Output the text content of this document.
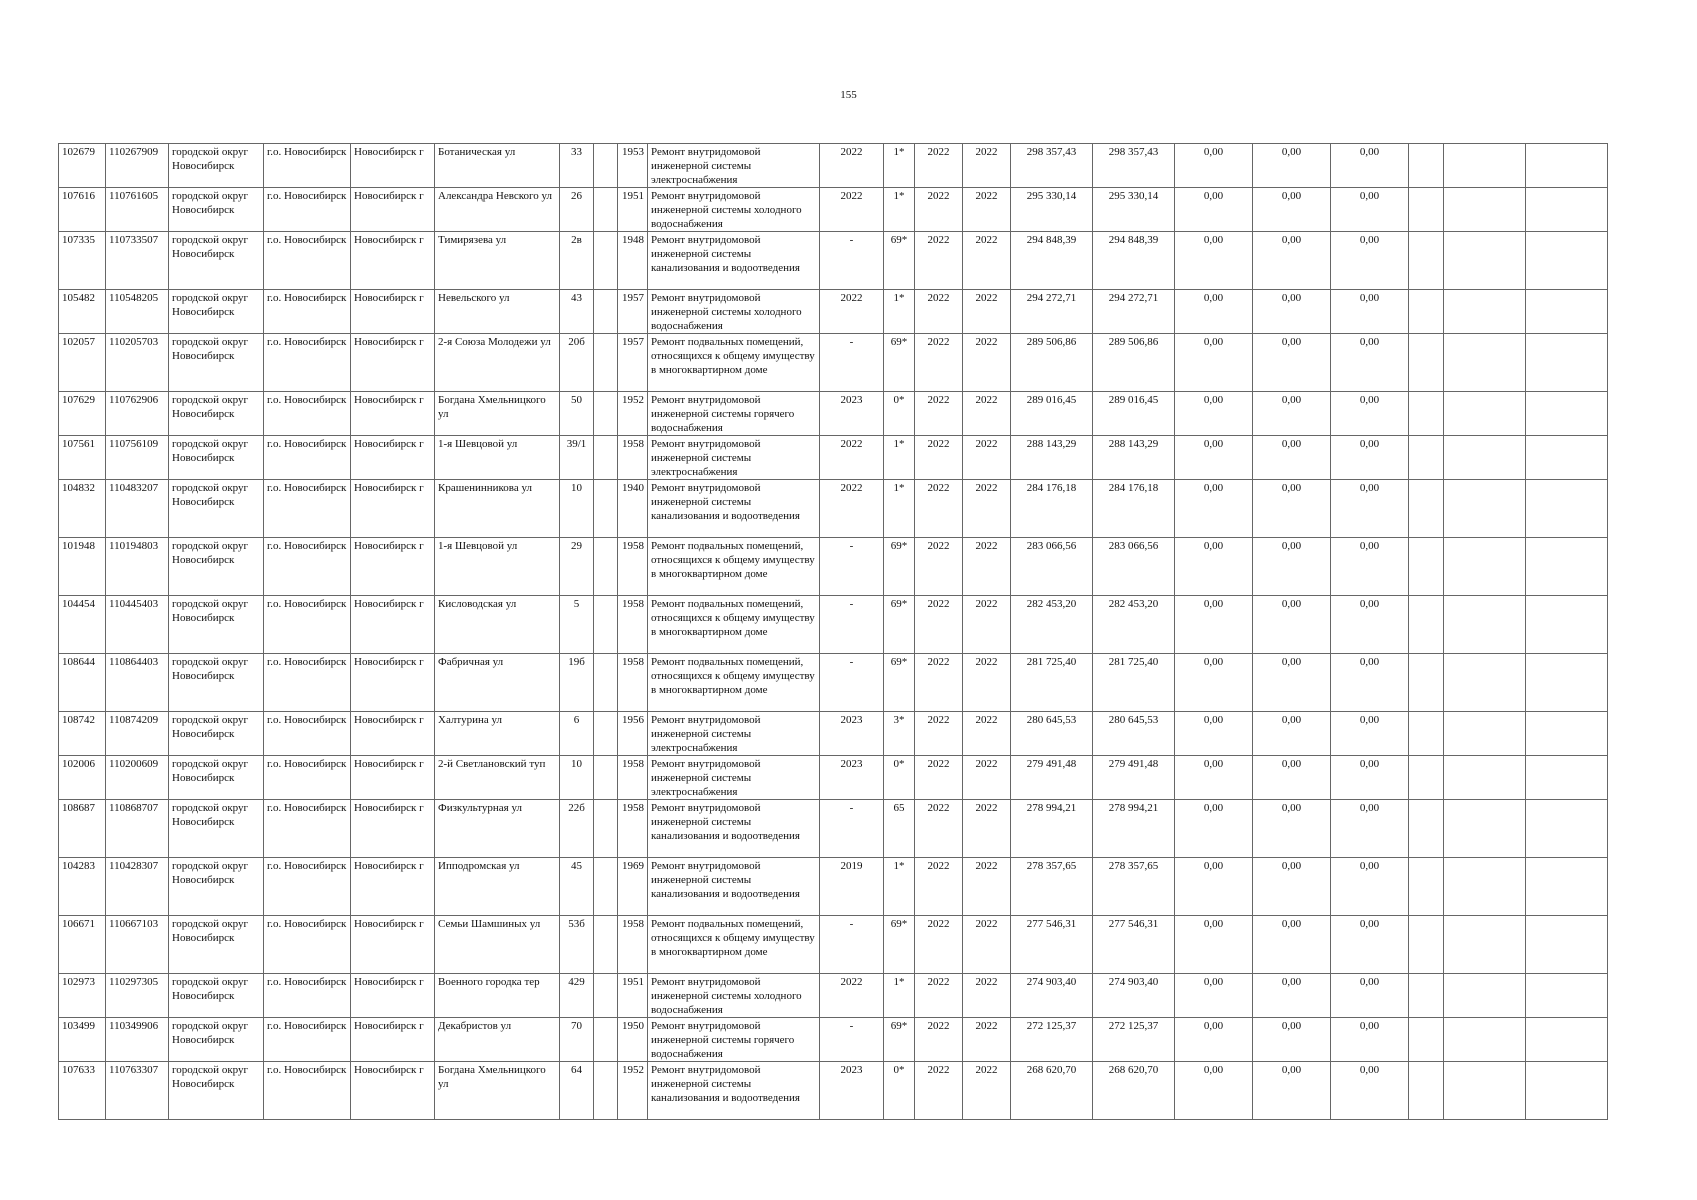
155
102679	110267909	городской округ Новосибирск	г.о. Новосибирск	Новосибирск г	Ботаническая ул	33		1953	Ремонт внутридомовой инженерной системы электроснабжения	2022	1*	2022	2022	298 357,43	298 357,43	0,00	0,00	0,00			
107616	110761605	городской округ Новосибирск	г.о. Новосибирск	Новосибирск г	Александра Невского ул	26		1951	Ремонт внутридомовой инженерной системы холодного водоснабжения	2022	1*	2022	2022	295 330,14	295 330,14	0,00	0,00	0,00			
107335	110733507	городской округ Новосибирск	г.о. Новосибирск	Новосибирск г	Тимирязева ул	2в		1948	Ремонт внутридомовой инженерной системы канализования и водоотведения	-	69*	2022	2022	294 848,39	294 848,39	0,00	0,00	0,00			
105482	110548205	городской округ Новосибирск	г.о. Новосибирск	Новосибирск г	Невельского ул	43		1957	Ремонт внутридомовой инженерной системы холодного водоснабжения	2022	1*	2022	2022	294 272,71	294 272,71	0,00	0,00	0,00			
102057	110205703	городской округ Новосибирск	г.о. Новосибирск	Новосибирск г	2-я Союза Молодежи ул	20б		1957	Ремонт подвальных помещений, относящихся к общему имуществу в многоквартирном доме	-	69*	2022	2022	289 506,86	289 506,86	0,00	0,00	0,00			
107629	110762906	городской округ Новосибирск	г.о. Новосибирск	Новосибирск г	Богдана Хмельницкого ул	50		1952	Ремонт внутридомовой инженерной системы горячего водоснабжения	2023	0*	2022	2022	289 016,45	289 016,45	0,00	0,00	0,00			
107561	110756109	городской округ Новосибирск	г.о. Новосибирск	Новосибирск г	1-я Шевцовой ул	39/1		1958	Ремонт внутридомовой инженерной системы электроснабжения	2022	1*	2022	2022	288 143,29	288 143,29	0,00	0,00	0,00			
104832	110483207	городской округ Новосибирск	г.о. Новосибирск	Новосибирск г	Крашенинникова ул	10		1940	Ремонт внутридомовой инженерной системы канализования и водоотведения	2022	1*	2022	2022	284 176,18	284 176,18	0,00	0,00	0,00			
101948	110194803	городской округ Новосибирск	г.о. Новосибирск	Новосибирск г	1-я Шевцовой ул	29		1958	Ремонт подвальных помещений, относящихся к общему имуществу в многоквартирном доме	-	69*	2022	2022	283 066,56	283 066,56	0,00	0,00	0,00			
104454	110445403	городской округ Новосибирск	г.о. Новосибирск	Новосибирск г	Кисловодская ул	5		1958	Ремонт подвальных помещений, относящихся к общему имуществу в многоквартирном доме	-	69*	2022	2022	282 453,20	282 453,20	0,00	0,00	0,00			
108644	110864403	городской округ Новосибирск	г.о. Новосибирск	Новосибирск г	Фабричная ул	19б		1958	Ремонт подвальных помещений, относящихся к общему имуществу в многоквартирном доме	-	69*	2022	2022	281 725,40	281 725,40	0,00	0,00	0,00			
108742	110874209	городской округ Новосибирск	г.о. Новосибирск	Новосибирск г	Халтурина ул	6		1956	Ремонт внутридомовой инженерной системы электроснабжения	2023	3*	2022	2022	280 645,53	280 645,53	0,00	0,00	0,00			
102006	110200609	городской округ Новосибирск	г.о. Новосибирск	Новосибирск г	2-й Светлановский туп	10		1958	Ремонт внутридомовой инженерной системы электроснабжения	2023	0*	2022	2022	279 491,48	279 491,48	0,00	0,00	0,00			
108687	110868707	городской округ Новосибирск	г.о. Новосибирск	Новосибирск г	Физкультурная ул	22б		1958	Ремонт внутридомовой инженерной системы канализования и водоотведения	-	65	2022	2022	278 994,21	278 994,21	0,00	0,00	0,00			
104283	110428307	городской округ Новосибирск	г.о. Новосибирск	Новосибирск г	Ипподромская ул	45		1969	Ремонт внутридомовой инженерной системы канализования и водоотведения	2019	1*	2022	2022	278 357,65	278 357,65	0,00	0,00	0,00			
106671	110667103	городской округ Новосибирск	г.о. Новосибирск	Новосибирск г	Семьи Шамшиных ул	53б		1958	Ремонт подвальных помещений, относящихся к общему имуществу в многоквартирном доме	-	69*	2022	2022	277 546,31	277 546,31	0,00	0,00	0,00			
102973	110297305	городской округ Новосибирск	г.о. Новосибирск	Новосибирск г	Военного городка тер	429		1951	Ремонт внутридомовой инженерной системы холодного водоснабжения	2022	1*	2022	2022	274 903,40	274 903,40	0,00	0,00	0,00			
103499	110349906	городской округ Новосибирск	г.о. Новосибирск	Новосибирск г	Декабристов ул	70		1950	Ремонт внутридомовой инженерной системы горячего водоснабжения	-	69*	2022	2022	272 125,37	272 125,37	0,00	0,00	0,00			
107633	110763307	городской округ Новосибирск	г.о. Новосибирск	Новосибирск г	Богдана Хмельницкого ул	64		1952	Ремонт внутридомовой инженерной системы канализования и водоотведения	2023	0*	2022	2022	268 620,70	268 620,70	0,00	0,00	0,00			
